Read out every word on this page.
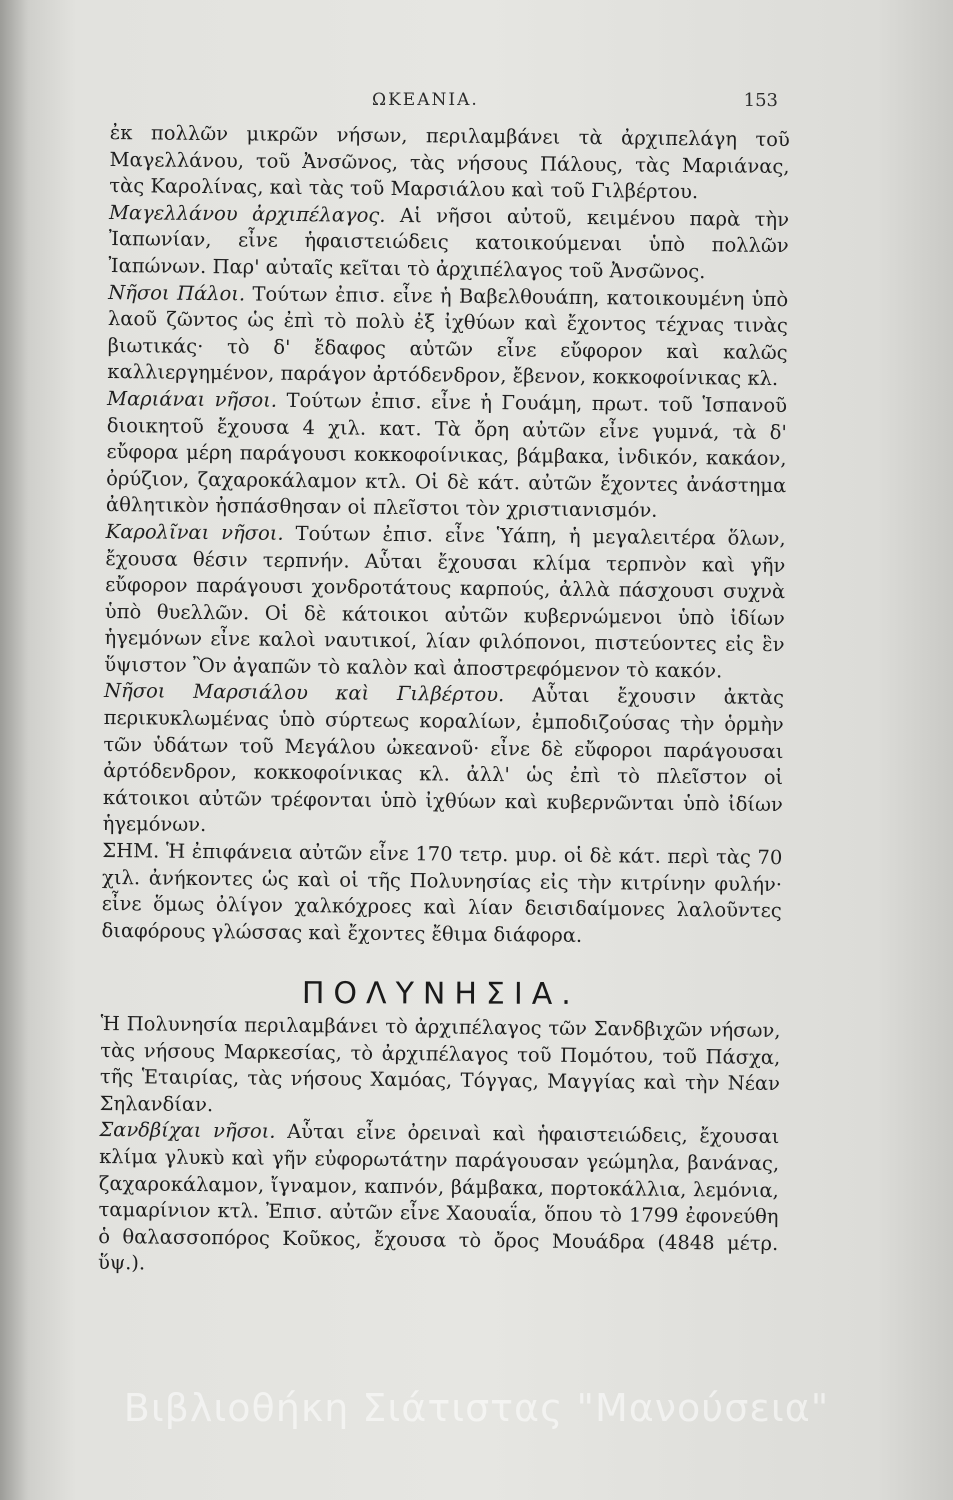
ΩΚΕΑΝΙΑ.	153

ἐκ πολλῶν μικρῶν νήσων, περιλαμβάνει τὰ ἀρχιπελάγη τοῦ Μαγελλάνου, τοῦ Ἀνσῶνος, τὰς νήσους Πάλους, τὰς Μαριάνας, τὰς Καρολίνας, καὶ τὰς τοῦ Μαρσιάλου καὶ τοῦ Γιλβέρτου.

Μαγελλάνου ἀρχιπέλαγος. Αἱ νῆσοι αὐτοῦ, κειμένου παρὰ τὴν Ἰαπωνίαν, εἶνε ἡφαιστειώδεις κατοικούμεναι ὑπὸ πολλῶν Ἰαπώνων. Παρ' αὐταῖς κεῖται τὸ ἀρχιπέλαγος τοῦ Ἀνσῶνος.

Νῆσοι Πάλοι. Τούτων ἐπισ. εἶνε ἡ Βαβελθουάπη, κατοικουμένη ὑπὸ λαοῦ ζῶντος ὡς ἐπὶ τὸ πολὺ ἐξ ἰχθύων καὶ ἔχοντος τέχνας τινὰς βιωτικάς· τὸ δ' ἔδαφος αὐτῶν εἶνε εὔφορον καὶ καλῶς καλλιεργημένον, παράγον ἀρτόδενδρον, ἔβενον, κοκκοφοίνικας κλ.

Μαριάναι νῆσοι. Τούτων ἐπισ. εἶνε ἡ Γουάμη, πρωτ. τοῦ Ἱσπανοῦ διοικητοῦ ἔχουσα 4 χιλ. κατ. Τὰ ὄρη αὐτῶν εἶνε γυμνά, τὰ δ' εὔφορα μέρη παράγουσι κοκκοφοίνικας, βάμβακα, ἰνδικόν, κακάον, ὀρύζιον, ζαχαροκάλαμον κτλ. Οἱ δὲ κάτ. αὐτῶν ἔχοντες ἀνάστημα ἀθλητικὸν ἠσπάσθησαν οἱ πλεῖστοι τὸν χριστιανισμόν.

Καρολῖναι νῆσοι. Τούτων ἐπισ. εἶνε Ὑάπη, ἡ μεγαλειτέρα ὅλων, ἔχουσα θέσιν τερπνήν. Αὗται ἔχουσαι κλίμα τερπνὸν καὶ γῆν εὔφορον παράγουσι χονδροτάτους καρπούς, ἀλλὰ πάσχουσι συχνὰ ὑπὸ θυελλῶν. Οἱ δὲ κάτοικοι αὐτῶν κυβερνώμενοι ὑπὸ ἰδίων ἡγεμόνων εἶνε καλοὶ ναυτικοί, λίαν φιλόπονοι, πιστεύοντες εἰς ἓν ὕψιστον Ὂν ἀγαπῶν τὸ καλὸν καὶ ἀποστρεφόμενον τὸ κακόν.

Νῆσοι Μαρσιάλου καὶ Γιλβέρτου. Αὗται ἔχουσιν ἀκτὰς περικυκλωμένας ὑπὸ σύρτεως κοραλίων, ἐμποδιζούσας τὴν ὁρμὴν τῶν ὑδάτων τοῦ Μεγάλου ὠκεανοῦ· εἶνε δὲ εὔφοροι παράγουσαι ἀρτόδενδρον, κοκκοφοίνικας κλ. ἀλλ' ὡς ἐπὶ τὸ πλεῖστον οἱ κάτοικοι αὐτῶν τρέφονται ὑπὸ ἰχθύων καὶ κυβερνῶνται ὑπὸ ἰδίων ἡγεμόνων.

ΣΗΜ. Ἡ ἐπιφάνεια αὐτῶν εἶνε 170 τετρ. μυρ. οἱ δὲ κάτ. περὶ τὰς 70 χιλ. ἀνήκοντες ὡς καὶ οἱ τῆς Πολυνησίας εἰς τὴν κιτρίνην φυλήν· εἶνε ὅμως ὀλίγον χαλκόχροες καὶ λίαν δεισιδαίμονες λαλοῦντες διαφόρους γλώσσας καὶ ἔχοντες ἔθιμα διάφορα.

ΠΟΛΥΝΗΣΙΑ.

Ἡ Πολυνησία περιλαμβάνει τὸ ἀρχιπέλαγος τῶν Σανδβιχῶν νήσων, τὰς νήσους Μαρκεσίας, τὸ ἀρχιπέλαγος τοῦ Πομότου, τοῦ Πάσχα, τῆς Ἑταιρίας, τὰς νήσους Χαμόας, Τόγγας, Μαγγίας καὶ τὴν Νέαν Σηλανδίαν.

Σανδβίχαι νῆσοι. Αὗται εἶνε ὀρειναὶ καὶ ἡφαιστειώδεις, ἔχουσαι κλίμα γλυκὺ καὶ γῆν εὐφορωτάτην παράγουσαν γεώμηλα, βανάνας, ζαχαροκάλαμον, ἴγναμον, καπνόν, βάμβακα, πορτοκάλλια, λεμόνια, ταμαρίνιον κτλ. Ἐπισ. αὐτῶν εἶνε Χαουαΐα, ὅπου τὸ 1799 ἐφονεύθη ὁ θαλασσοπόρος Κοῦκος, ἔχουσα τὸ ὄρος Μουάδρα (4848 μέτρ. ὕψ.).

Βιβλιοθήκη Σιάτιστας "Μανούσεια"
